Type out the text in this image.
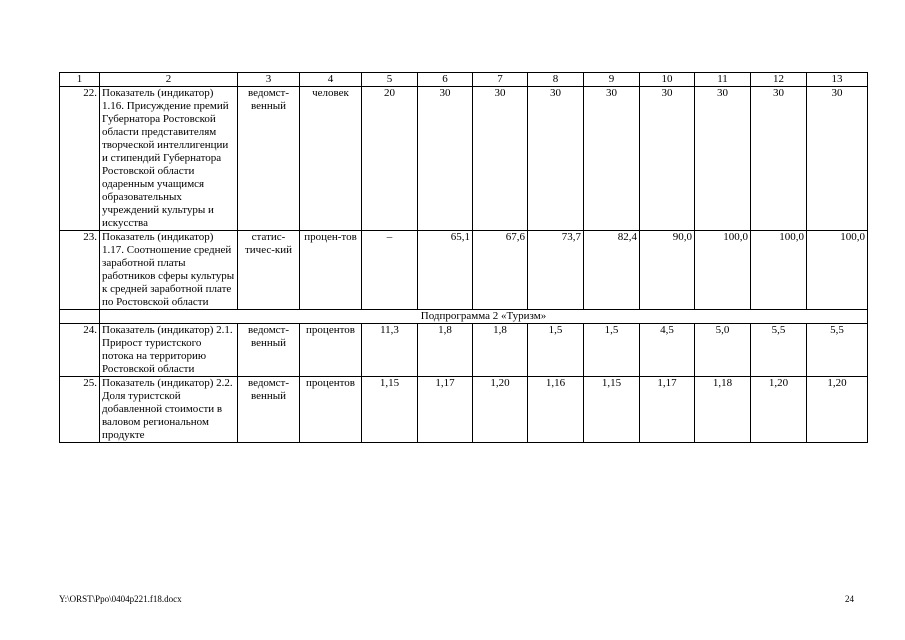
1	2	3	4	5	6	7	8	9	10	11	12	13
22.	Показатель (индикатор) 1.16. Присуждение премий Губернатора Ростовской области представителям творческой интеллигенции и стипендий Губернатора Ростовской области одаренным учащимся образовательных учреждений культуры и искусства	ведомст-венный	человек	20	30	30	30	30	30	30	30	30
23.	Показатель (индикатор) 1.17. Соотношение средней заработной платы работников сферы культуры к средней заработной плате по Ростовской области	статис-тичес-кий	процен-тов	–	65,1	67,6	73,7	82,4	90,0	100,0	100,0	100,0
	Подпрограмма 2 «Туризм»											
24.	Показатель (индикатор) 2.1. Прирост туристского потока на территорию Ростовской области	ведомст-венный	процентов	11,3	1,8	1,8	1,5	1,5	4,5	5,0	5,5	5,5
25.	Показатель (индикатор) 2.2. Доля туристской добавленной стоимости в валовом региональном продукте	ведомст-венный	процентов	1,15	1,17	1,20	1,16	1,15	1,17	1,18	1,20	1,20
Y:\ORST\Ppo\0404p221.f18.docx	24
